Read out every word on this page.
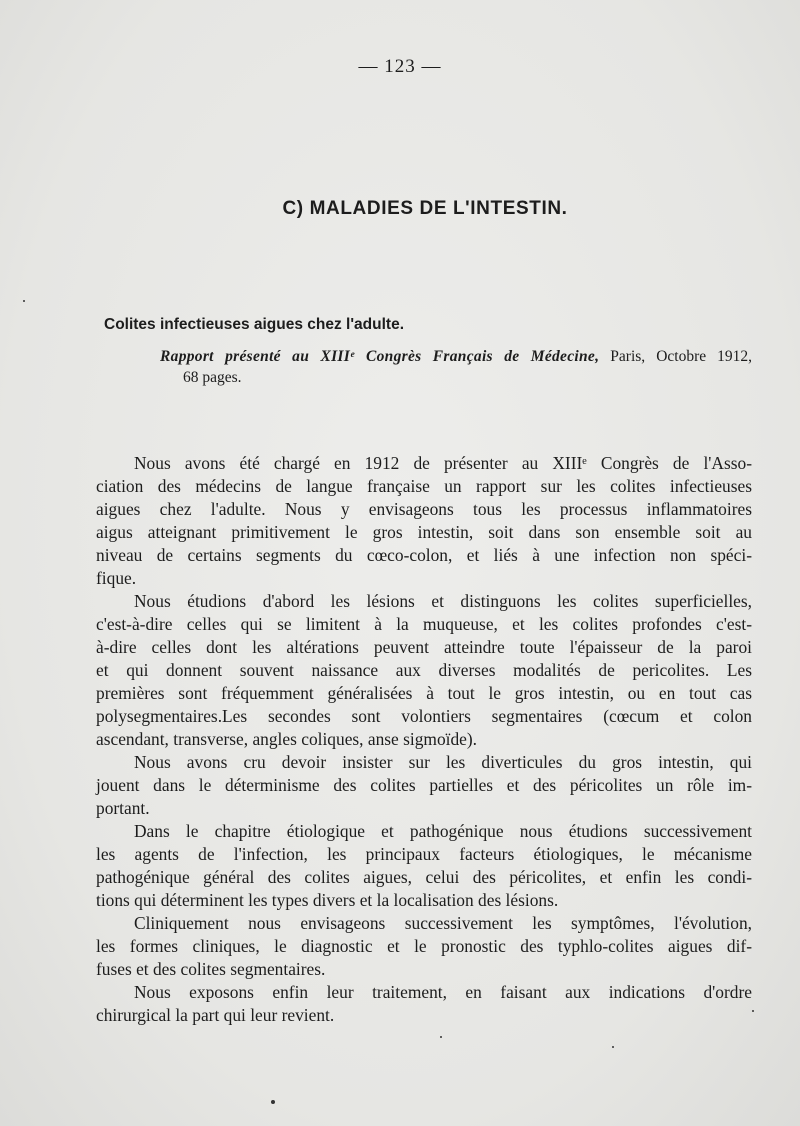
— 123 —
C) MALADIES DE L'INTESTIN.
Colites infectieuses aigues chez l'adulte.
Rapport présenté au XIIIᵉ Congrès Français de Médecine, Paris, Octobre 1912,
68 pages.
Nous avons été chargé en 1912 de présenter au XIIIᵉ Congrès de l'Asso-
ciation des médecins de langue française un rapport sur les colites infectieuses
aigues chez l'adulte. Nous y envisageons tous les processus inflammatoires
aigus atteignant primitivement le gros intestin, soit dans son ensemble soit au
niveau de certains segments du cœco-colon, et liés à une infection non spéci-
fique.
Nous étudions d'abord les lésions et distinguons les colites superficielles,
c'est-à-dire celles qui se limitent à la muqueuse, et les colites profondes c'est-
à-dire celles dont les altérations peuvent atteindre toute l'épaisseur de la paroi
et qui donnent souvent naissance aux diverses modalités de pericolites. Les
premières sont fréquemment généralisées à tout le gros intestin, ou en tout cas
polysegmentaires.Les secondes sont volontiers segmentaires (cœcum et colon
ascendant, transverse, angles coliques, anse sigmoïde).
Nous avons cru devoir insister sur les diverticules du gros intestin, qui
jouent dans le déterminisme des colites partielles et des péricolites un rôle im-
portant.
Dans le chapitre étiologique et pathogénique nous étudions successivement
les agents de l'infection, les principaux facteurs étiologiques, le mécanisme
pathogénique général des colites aigues, celui des péricolites, et enfin les condi-
tions qui déterminent les types divers et la localisation des lésions.
Cliniquement nous envisageons successivement les symptômes, l'évolution,
les formes cliniques, le diagnostic et le pronostic des typhlo-colites aigues dif-
fuses et des colites segmentaires.
Nous exposons enfin leur traitement, en faisant aux indications d'ordre
chirurgical la part qui leur revient.
